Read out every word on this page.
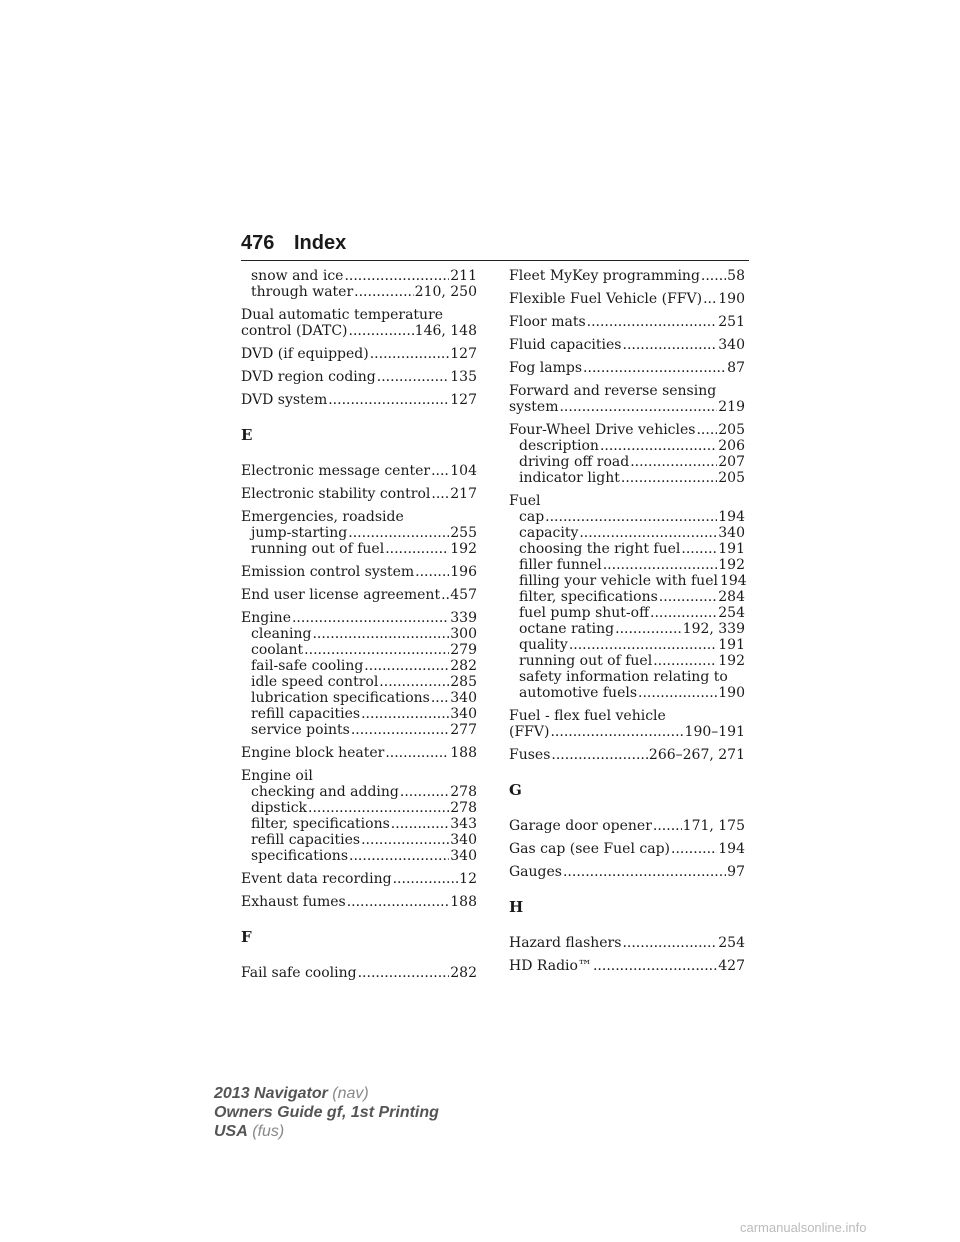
476 Index
snow and ice .....	211
through water .....	210, 250
Dual automatic temperature
control (DATC) .....	146, 148
DVD (if equipped) .....	127
DVD region coding .....	135
DVD system .....	127
E
Electronic message center ..... 104
Electronic stability control ..... 217
Emergencies, roadside
jump-starting .....	255
running out of fuel .....	192
Emission control system .....	196
End user license agreement ..... 457
Engine .....	339
cleaning .....	300
coolant .....	279
fail-safe cooling .....	282
idle speed control .....	285
lubrication specifications ..... 340
refill capacities .....	340
service points .....	277
Engine block heater .....	188
Engine oil
checking and adding .....	278
dipstick .....	278
filter, specifications .....	343
refill capacities .....	340
specifications .....	340
Event data recording .....	12
Exhaust fumes .....	188
F
Fail safe cooling .....	282
Fleet MyKey programming ..... 58
Flexible Fuel Vehicle (FFV) ..... 190
Floor mats .....	251
Fluid capacities .....	340
Fog lamps .....	87
Forward and reverse sensing
system .....	219
Four-Wheel Drive vehicles ..... 205
description .....	206
driving off road .....	207
indicator light .....	205
Fuel
cap .....	194
capacity .....	340
choosing the right fuel .....	191
filler funnel .....	192
filling your vehicle with fuel 194
filter, specifications .....	284
fuel pump shut-off .....	254
octane rating .....	192, 339
quality .....	191
running out of fuel .....	192
safety information relating to
automotive fuels .....	190
Fuel - flex fuel vehicle
(FFV) .....	190–191
Fuses .....	266–267, 271
G
Garage door opener ..... 171, 175
Gas cap (see Fuel cap) .....	194
Gauges .....	97
H
Hazard flashers .....	254
HD Radio™ .....	427
2013 Navigator (nav)
Owners Guide gf, 1st Printing
USA (fus)
carmanualsonline.info
